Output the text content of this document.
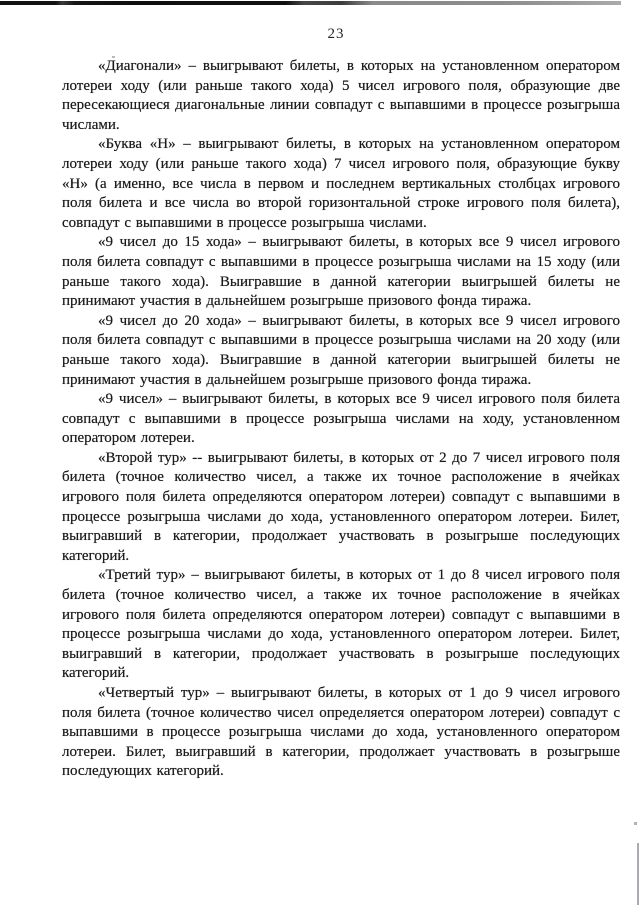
23

«Диагонали» – выигрывают билеты, в которых на установленном оператором лотереи ходу (или раньше такого хода) 5 чисел игрового поля, образующие две пересекающиеся диагональные линии совпадут с выпавшими в процессе розыгрыша числами.

«Буква «Н» – выигрывают билеты, в которых на установленном оператором лотереи ходу (или раньше такого хода) 7 чисел игрового поля, образующие букву «Н» (а именно, все числа в первом и последнем вертикальных столбцах игрового поля билета и все числа во второй горизонтальной строке игрового поля билета), совпадут с выпавшими в процессе розыгрыша числами.

«9 чисел до 15 хода» – выигрывают билеты, в которых все 9 чисел игрового поля билета совпадут с выпавшими в процессе розыгрыша числами на 15 ходу (или раньше такого хода). Выигравшие в данной категории выигрышей билеты не принимают участия в дальнейшем розыгрыше призового фонда тиража.

«9 чисел до 20 хода» – выигрывают билеты, в которых все 9 чисел игрового поля билета совпадут с выпавшими в процессе розыгрыша числами на 20 ходу (или раньше такого хода). Выигравшие в данной категории выигрышей билеты не принимают участия в дальнейшем розыгрыше призового фонда тиража.

«9 чисел» – выигрывают билеты, в которых все 9 чисел игрового поля билета совпадут с выпавшими в процессе розыгрыша числами на ходу, установленном оператором лотереи.

«Второй тур» -- выигрывают билеты, в которых от 2 до 7 чисел игрового поля билета (точное количество чисел, а также их точное расположение в ячейках игрового поля билета определяются оператором лотереи) совпадут с выпавшими в процессе розыгрыша числами до хода, установленного оператором лотереи. Билет, выигравший в категории, продолжает участвовать в розыгрыше последующих категорий.

«Третий тур» – выигрывают билеты, в которых от 1 до 8 чисел игрового поля билета (точное количество чисел, а также их точное расположение в ячейках игрового поля билета определяются оператором лотереи) совпадут с выпавшими в процессе розыгрыша числами до хода, установленного оператором лотереи. Билет, выигравший в категории, продолжает участвовать в розыгрыше последующих категорий.

«Четвертый тур» – выигрывают билеты, в которых от 1 до 9 чисел игрового поля билета (точное количество чисел определяется оператором лотереи) совпадут с выпавшими в процессе розыгрыша числами до хода, установленного оператором лотереи. Билет, выигравший в категории, продолжает участвовать в розыгрыше последующих категорий.
